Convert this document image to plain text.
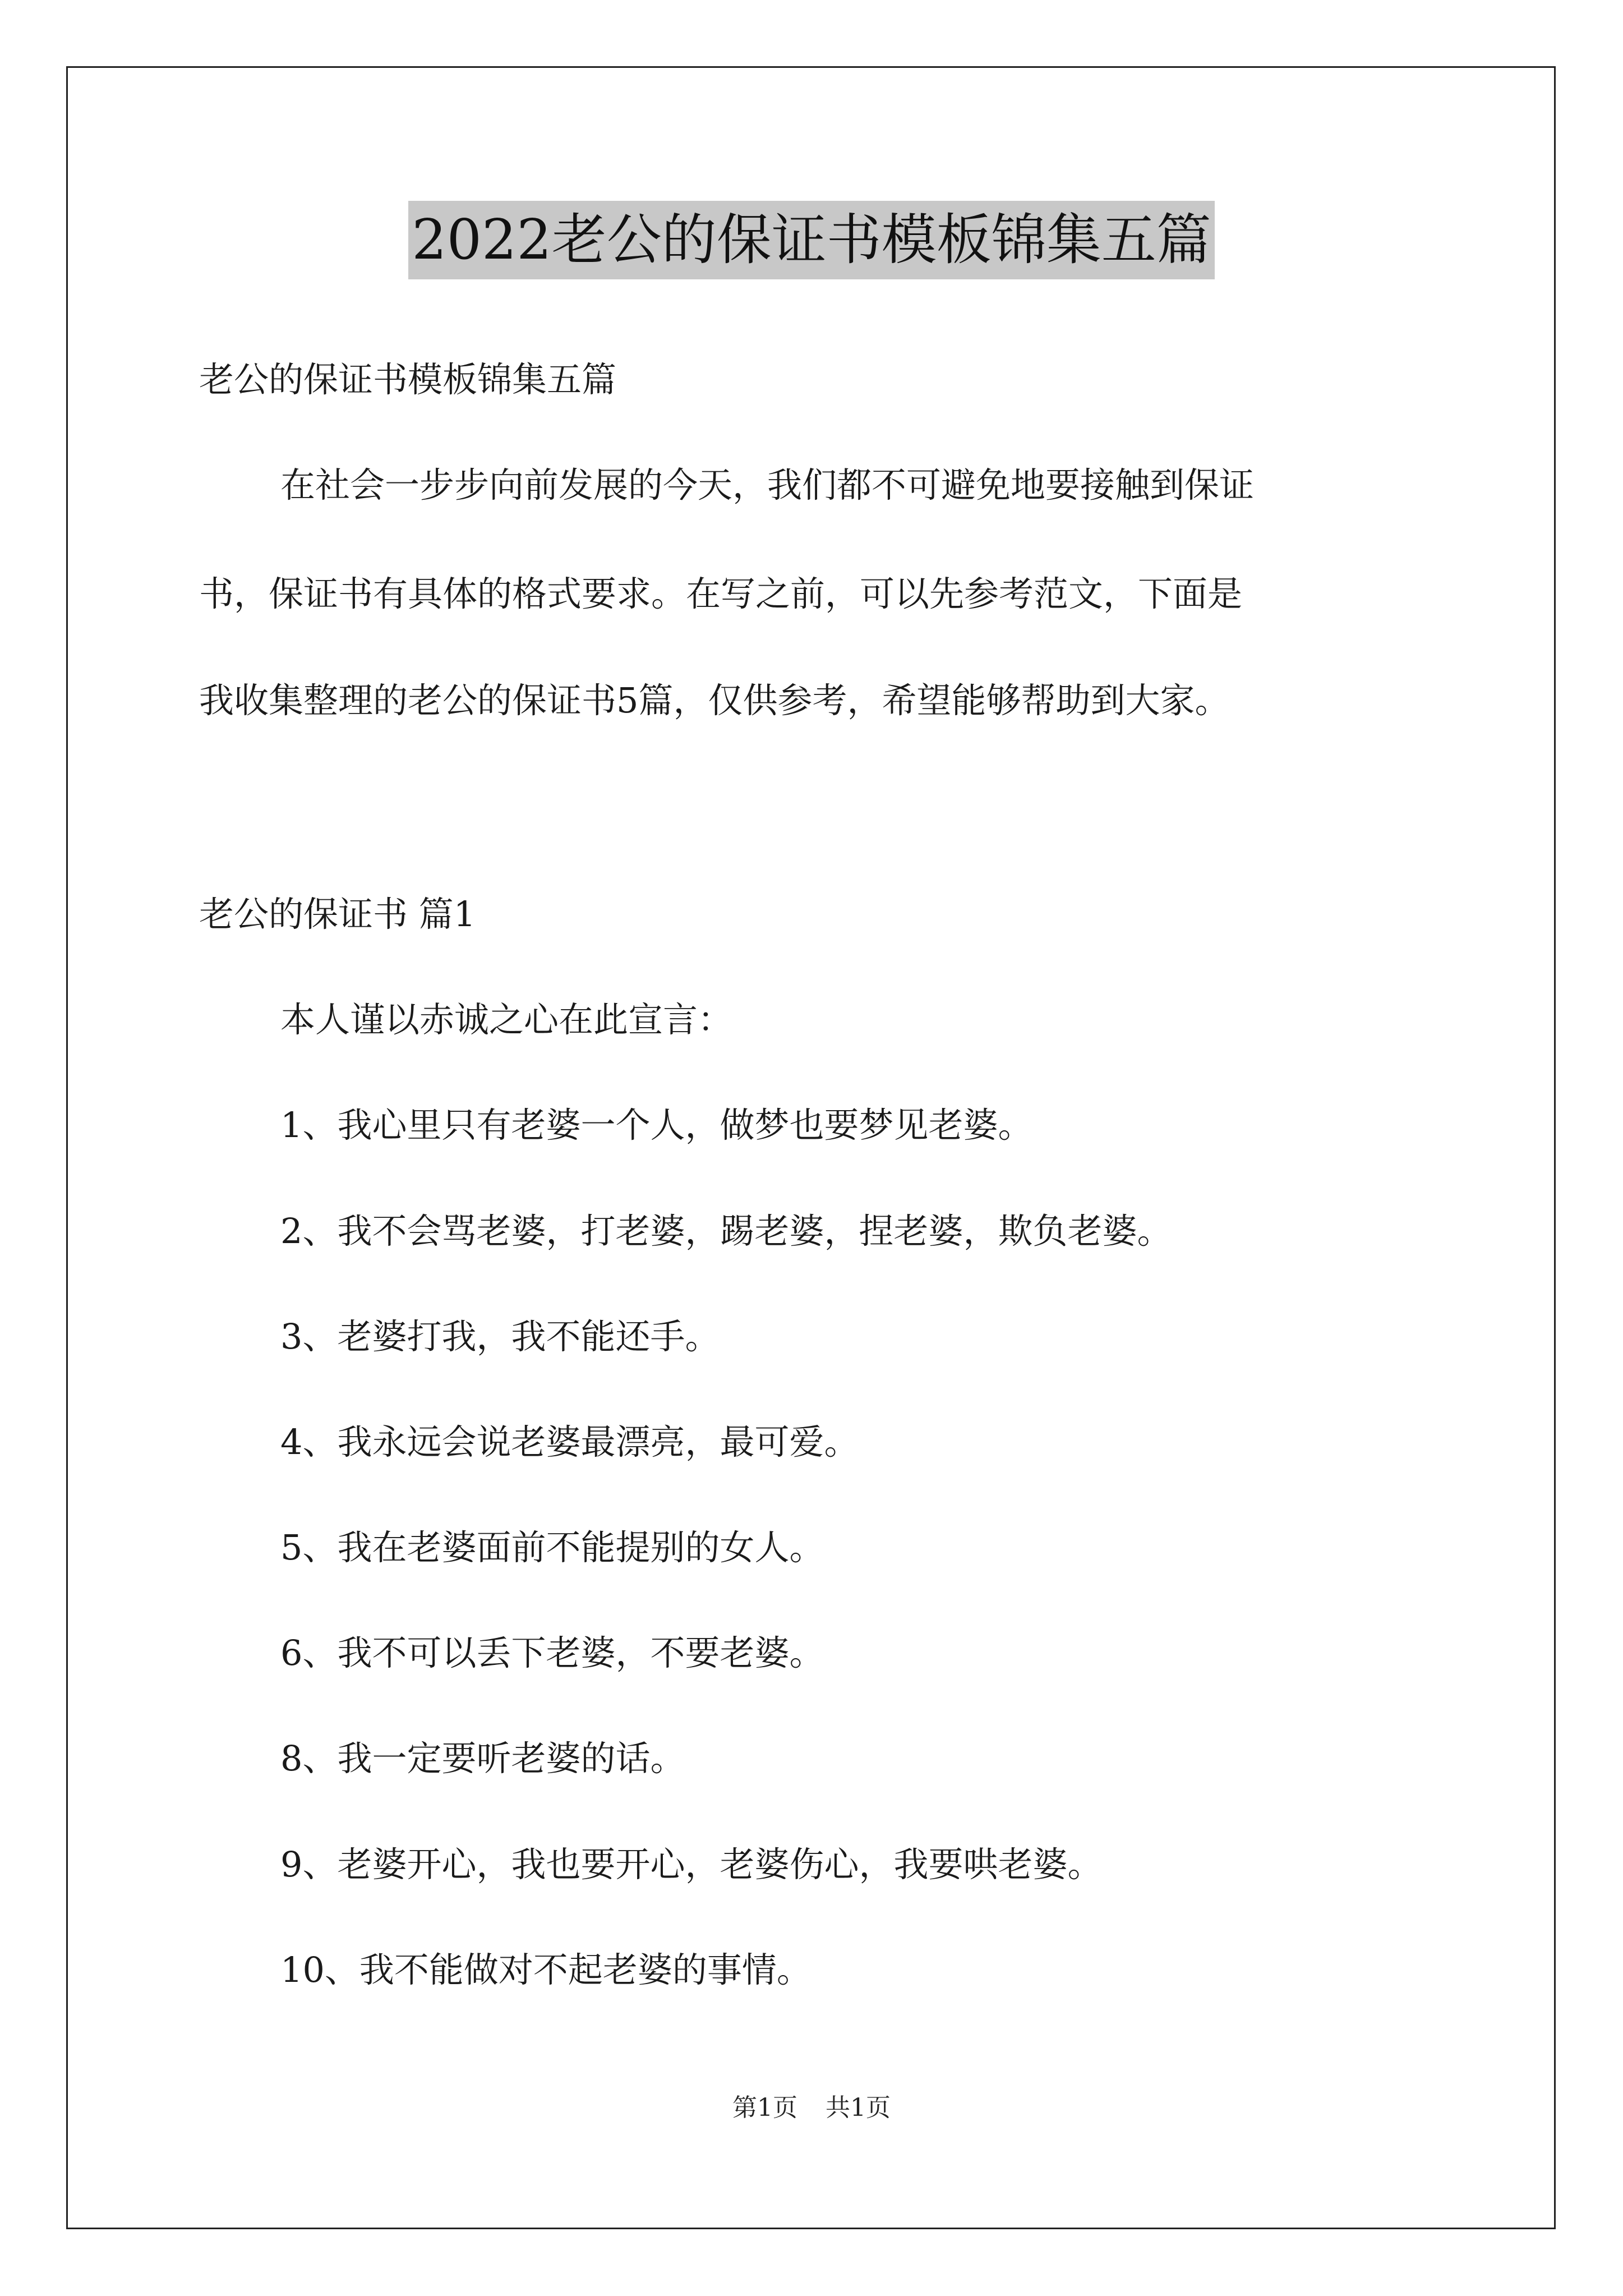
2022老公的保证书模板锦集五篇
老公的保证书模板锦集五篇
在社会一步步向前发展的今天，我们都不可避免地要接触到保证
书，保证书有具体的格式要求。在写之前，可以先参考范文，下面是
我收集整理的老公的保证书5篇，仅供参考，希望能够帮助到大家。
老公的保证书 篇1
本人谨以赤诚之心在此宣言：
1、我心里只有老婆一个人，做梦也要梦见老婆。
2、我不会骂老婆，打老婆，踢老婆，捏老婆，欺负老婆。
3、老婆打我，我不能还手。
4、我永远会说老婆最漂亮，最可爱。
5、我在老婆面前不能提别的女人。
6、我不可以丢下老婆，不要老婆。
8、我一定要听老婆的话。
9、老婆开心，我也要开心，老婆伤心，我要哄老婆。
10、我不能做对不起老婆的事情。
第1页 共1页
